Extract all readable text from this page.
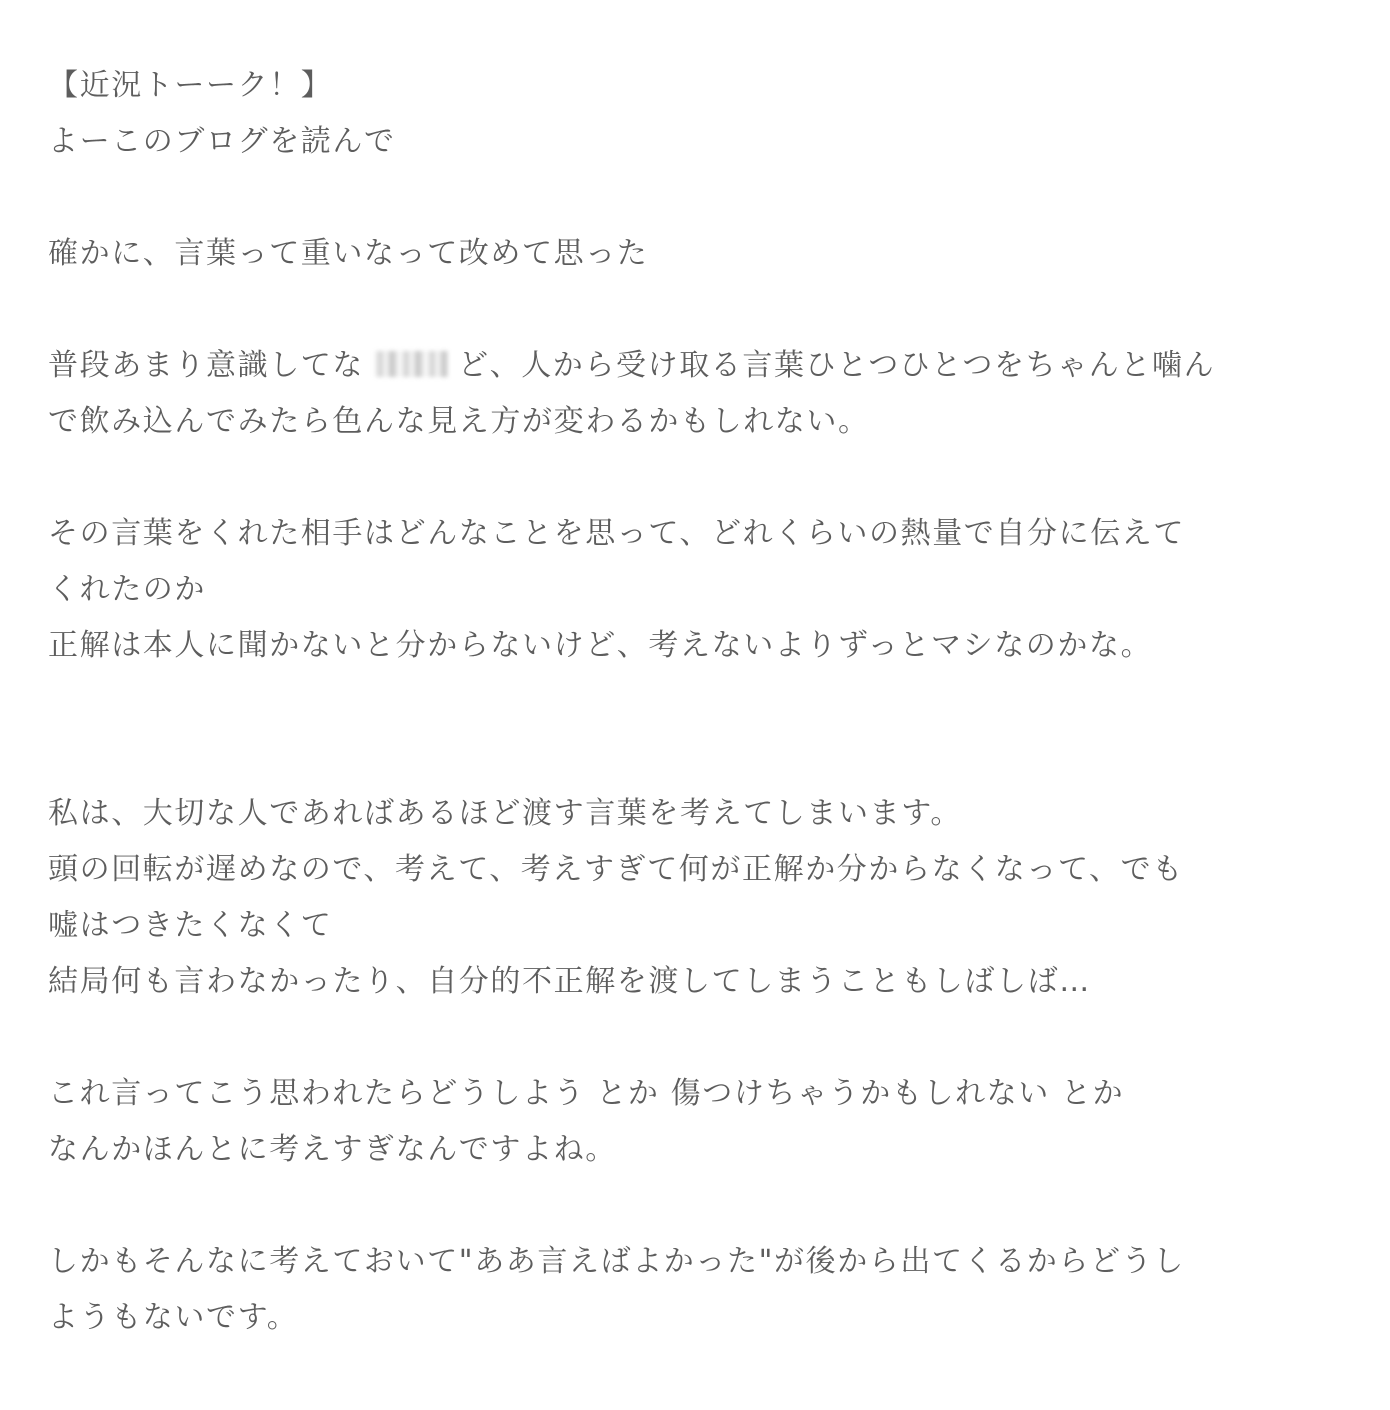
【近況トーーク！】
よーこのブログを読んで
確かに、言葉って重いなって改めて思った
普段あまり意識してな	ど、人から受け取る言葉ひとつひとつをちゃんと噛ん
で飲み込んでみたら色んな見え方が変わるかもしれない。
その言葉をくれた相手はどんなことを思って、どれくらいの熱量で自分に伝えて
くれたのか
正解は本人に聞かないと分からないけど、考えないよりずっとマシなのかな。
私は、大切な人であればあるほど渡す言葉を考えてしまいます。
頭の回転が遅めなので、考えて、考えすぎて何が正解か分からなくなって、でも
嘘はつきたくなくて
結局何も言わなかったり、自分的不正解を渡してしまうこともしばしば…
これ言ってこう思われたらどうしよう とか 傷つけちゃうかもしれない とか
なんかほんとに考えすぎなんですよね。
しかもそんなに考えておいて"ああ言えばよかった"が後から出てくるからどうし
ようもないです。
